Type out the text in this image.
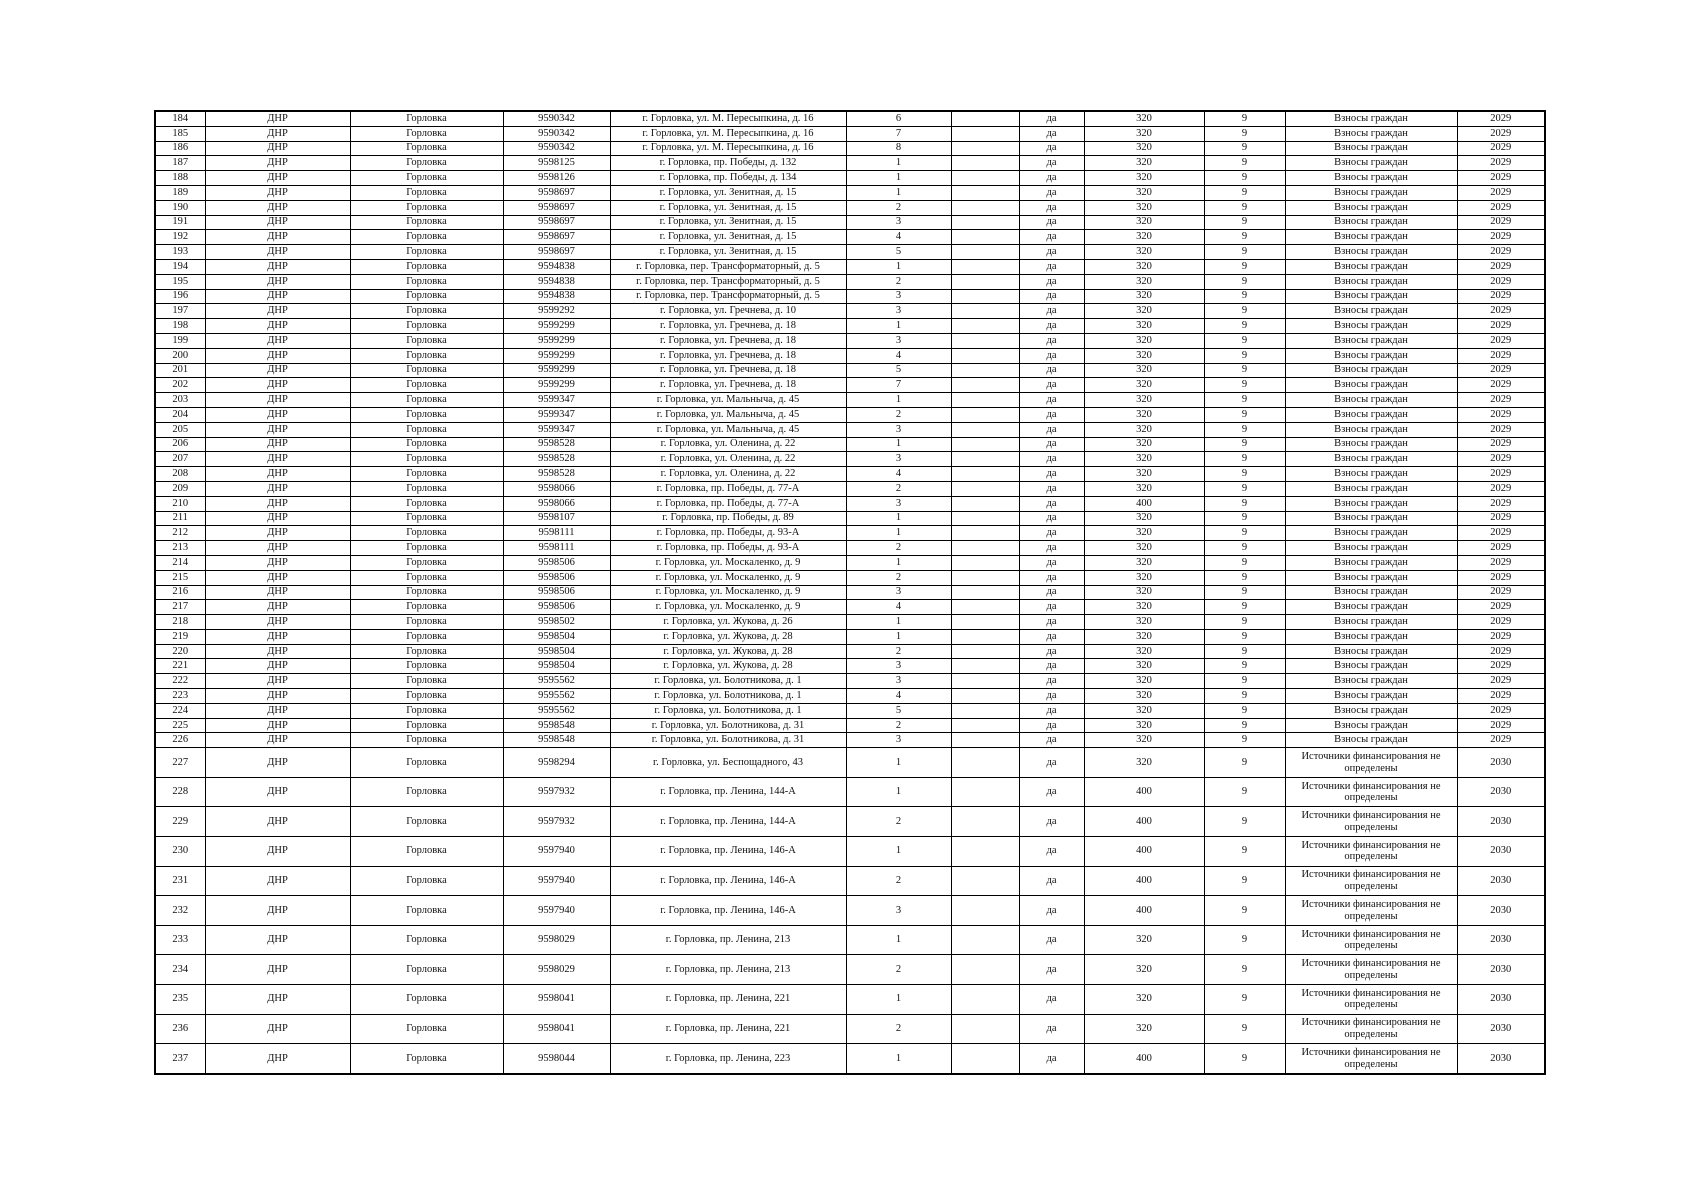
184	ДНР	Горловка	9590342	г. Горловка, ул. М. Пересыпкина, д. 16	6		да	320	9	Взносы граждан	2029
185	ДНР	Горловка	9590342	г. Горловка, ул. М. Пересыпкина, д. 16	7		да	320	9	Взносы граждан	2029
186	ДНР	Горловка	9590342	г. Горловка, ул. М. Пересыпкина, д. 16	8		да	320	9	Взносы граждан	2029
187	ДНР	Горловка	9598125	г. Горловка, пр. Победы, д. 132	1		да	320	9	Взносы граждан	2029
188	ДНР	Горловка	9598126	г. Горловка, пр. Победы, д. 134	1		да	320	9	Взносы граждан	2029
189	ДНР	Горловка	9598697	г. Горловка, ул. Зенитная, д. 15	1		да	320	9	Взносы граждан	2029
190	ДНР	Горловка	9598697	г. Горловка, ул. Зенитная, д. 15	2		да	320	9	Взносы граждан	2029
191	ДНР	Горловка	9598697	г. Горловка, ул. Зенитная, д. 15	3		да	320	9	Взносы граждан	2029
192	ДНР	Горловка	9598697	г. Горловка, ул. Зенитная, д. 15	4		да	320	9	Взносы граждан	2029
193	ДНР	Горловка	9598697	г. Горловка, ул. Зенитная, д. 15	5		да	320	9	Взносы граждан	2029
194	ДНР	Горловка	9594838	г. Горловка, пер. Трансформаторный, д. 5	1		да	320	9	Взносы граждан	2029
195	ДНР	Горловка	9594838	г. Горловка, пер. Трансформаторный, д. 5	2		да	320	9	Взносы граждан	2029
196	ДНР	Горловка	9594838	г. Горловка, пер. Трансформаторный, д. 5	3		да	320	9	Взносы граждан	2029
197	ДНР	Горловка	9599292	г. Горловка, ул. Гречнева, д. 10	3		да	320	9	Взносы граждан	2029
198	ДНР	Горловка	9599299	г. Горловка, ул. Гречнева, д. 18	1		да	320	9	Взносы граждан	2029
199	ДНР	Горловка	9599299	г. Горловка, ул. Гречнева, д. 18	3		да	320	9	Взносы граждан	2029
200	ДНР	Горловка	9599299	г. Горловка, ул. Гречнева, д. 18	4		да	320	9	Взносы граждан	2029
201	ДНР	Горловка	9599299	г. Горловка, ул. Гречнева, д. 18	5		да	320	9	Взносы граждан	2029
202	ДНР	Горловка	9599299	г. Горловка, ул. Гречнева, д. 18	7		да	320	9	Взносы граждан	2029
203	ДНР	Горловка	9599347	г. Горловка, ул. Мальныча, д. 45	1		да	320	9	Взносы граждан	2029
204	ДНР	Горловка	9599347	г. Горловка, ул. Мальныча, д. 45	2		да	320	9	Взносы граждан	2029
205	ДНР	Горловка	9599347	г. Горловка, ул. Мальныча, д. 45	3		да	320	9	Взносы граждан	2029
206	ДНР	Горловка	9598528	г. Горловка, ул. Оленина, д. 22	1		да	320	9	Взносы граждан	2029
207	ДНР	Горловка	9598528	г. Горловка, ул. Оленина, д. 22	3		да	320	9	Взносы граждан	2029
208	ДНР	Горловка	9598528	г. Горловка, ул. Оленина, д. 22	4		да	320	9	Взносы граждан	2029
209	ДНР	Горловка	9598066	г. Горловка, пр. Победы, д. 77-А	2		да	320	9	Взносы граждан	2029
210	ДНР	Горловка	9598066	г. Горловка, пр. Победы, д. 77-А	3		да	400	9	Взносы граждан	2029
211	ДНР	Горловка	9598107	г. Горловка, пр. Победы, д. 89	1		да	320	9	Взносы граждан	2029
212	ДНР	Горловка	9598111	г. Горловка, пр. Победы, д. 93-А	1		да	320	9	Взносы граждан	2029
213	ДНР	Горловка	9598111	г. Горловка, пр. Победы, д. 93-А	2		да	320	9	Взносы граждан	2029
214	ДНР	Горловка	9598506	г. Горловка, ул. Москаленко, д. 9	1		да	320	9	Взносы граждан	2029
215	ДНР	Горловка	9598506	г. Горловка, ул. Москаленко, д. 9	2		да	320	9	Взносы граждан	2029
216	ДНР	Горловка	9598506	г. Горловка, ул. Москаленко, д. 9	3		да	320	9	Взносы граждан	2029
217	ДНР	Горловка	9598506	г. Горловка, ул. Москаленко, д. 9	4		да	320	9	Взносы граждан	2029
218	ДНР	Горловка	9598502	г. Горловка, ул. Жукова, д. 26	1		да	320	9	Взносы граждан	2029
219	ДНР	Горловка	9598504	г. Горловка, ул. Жукова, д. 28	1		да	320	9	Взносы граждан	2029
220	ДНР	Горловка	9598504	г. Горловка, ул. Жукова, д. 28	2		да	320	9	Взносы граждан	2029
221	ДНР	Горловка	9598504	г. Горловка, ул. Жукова, д. 28	3		да	320	9	Взносы граждан	2029
222	ДНР	Горловка	9595562	г. Горловка, ул. Болотникова, д. 1	3		да	320	9	Взносы граждан	2029
223	ДНР	Горловка	9595562	г. Горловка, ул. Болотникова, д. 1	4		да	320	9	Взносы граждан	2029
224	ДНР	Горловка	9595562	г. Горловка, ул. Болотникова, д. 1	5		да	320	9	Взносы граждан	2029
225	ДНР	Горловка	9598548	г. Горловка, ул. Болотникова, д. 31	2		да	320	9	Взносы граждан	2029
226	ДНР	Горловка	9598548	г. Горловка, ул. Болотникова, д. 31	3		да	320	9	Взносы граждан	2029
227	ДНР	Горловка	9598294	г. Горловка, ул. Беспощадного, 43	1		да	320	9	Источники финансирования не определены	2030
228	ДНР	Горловка	9597932	г. Горловка, пр. Ленина, 144-А	1		да	400	9	Источники финансирования не определены	2030
229	ДНР	Горловка	9597932	г. Горловка, пр. Ленина, 144-А	2		да	400	9	Источники финансирования не определены	2030
230	ДНР	Горловка	9597940	г. Горловка, пр. Ленина, 146-А	1		да	400	9	Источники финансирования не определены	2030
231	ДНР	Горловка	9597940	г. Горловка, пр. Ленина, 146-А	2		да	400	9	Источники финансирования не определены	2030
232	ДНР	Горловка	9597940	г. Горловка, пр. Ленина, 146-А	3		да	400	9	Источники финансирования не определены	2030
233	ДНР	Горловка	9598029	г. Горловка, пр. Ленина, 213	1		да	320	9	Источники финансирования не определены	2030
234	ДНР	Горловка	9598029	г. Горловка, пр. Ленина, 213	2		да	320	9	Источники финансирования не определены	2030
235	ДНР	Горловка	9598041	г. Горловка, пр. Ленина, 221	1		да	320	9	Источники финансирования не определены	2030
236	ДНР	Горловка	9598041	г. Горловка, пр. Ленина, 221	2		да	320	9	Источники финансирования не определены	2030
237	ДНР	Горловка	9598044	г. Горловка, пр. Ленина, 223	1		да	400	9	Источники финансирования не определены	2030
